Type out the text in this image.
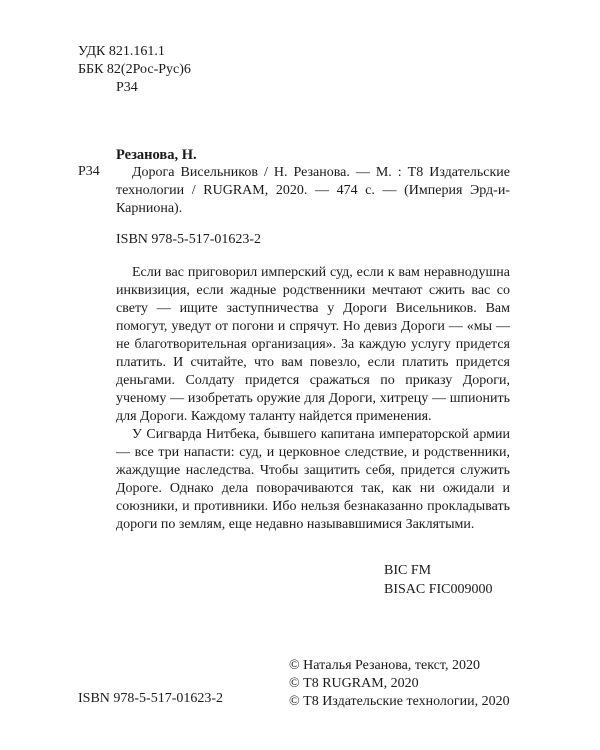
УДК 821.161.1
ББК 82(2Рос-Рус)6
Р34
Резанова, Н.
Р34	Дорога Висельников / Н. Резанова. — М. : Т8 Издательские технологии / RUGRAM, 2020. — 474 с. — (Империя Эрд-и-Карниона).
ISBN 978-5-517-01623-2

Если вас приговорил имперский суд, если к вам неравнодушна инквизиция, если жадные родственники мечтают сжить вас со свету — ищите заступничества у Дороги Висельников. Вам помогут, уведут от погони и спрячут. Но девиз Дороги — «мы — не благотворительная организация». За каждую услугу придется платить. И считайте, что вам повезло, если платить придется деньгами. Солдату придется сражаться по приказу Дороги, ученому — изобретать оружие для Дороги, хитрецу — шпионить для Дороги. Каждому таланту найдется применения.

У Сигварда Нитбека, бывшего капитана императорской армии — все три напасти: суд, и церковное следствие, и родственники, жаждущие наследства. Чтобы защитить себя, придется служить Дороге. Однако дела поворачиваются так, как ни ожидали и союзники, и противники. Ибо нельзя безнаказанно прокладывать дороги по землям, еще недавно называвшимися Заклятыми.

BIC FM
BISAC FIC009000
© Наталья Резанова, текст, 2020
© Т8 RUGRAM, 2020
© Т8 Издательские технологии, 2020
ISBN 978-5-517-01623-2
